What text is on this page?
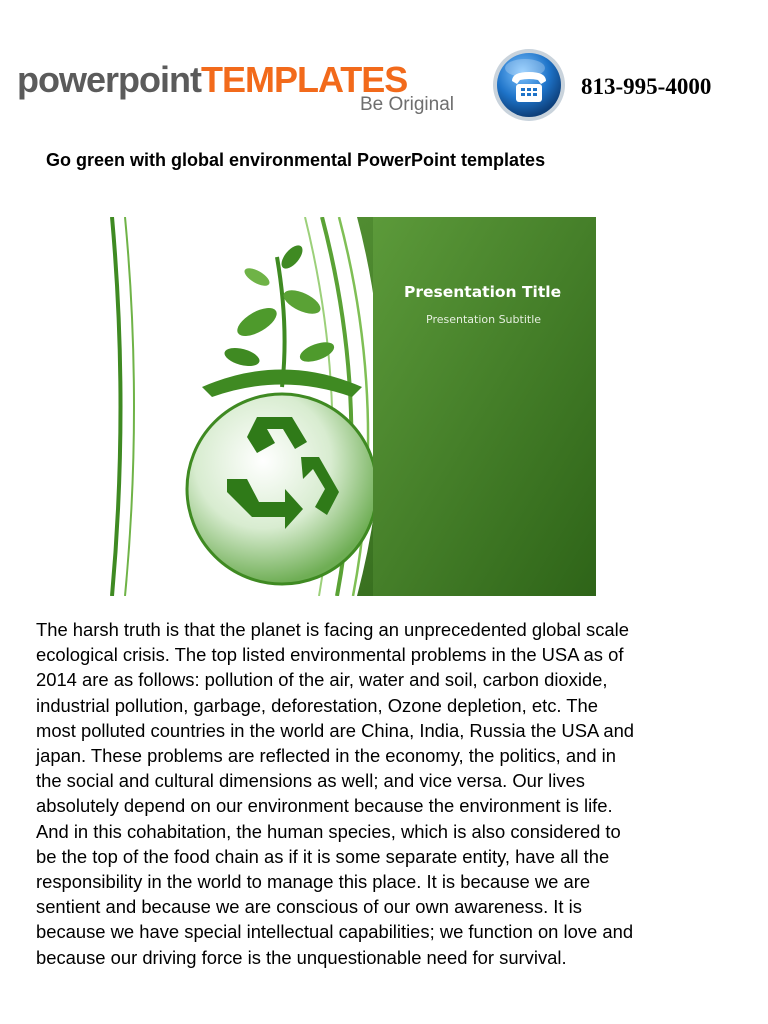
powerpointTEMPLATES
Be Original
813-995-4000
Go green with global environmental PowerPoint templates
Presentation Title
Presentation Subtitle
The harsh truth is that the planet is facing an unprecedented global scale
ecological crisis. The top listed environmental problems in the USA as of
2014 are as follows: pollution of the air, water and soil, carbon dioxide,
industrial pollution, garbage, deforestation, Ozone depletion, etc. The
most polluted countries in the world are China, India, Russia the USA and
japan. These problems are reflected in the economy, the politics, and in
the social and cultural dimensions as well; and vice versa. Our lives
absolutely depend on our environment because the environment is life.
And in this cohabitation, the human species, which is also considered to
be the top of the food chain as if it is some separate entity, have all the
responsibility in the world to manage this place. It is because we are
sentient and because we are conscious of our own awareness. It is
because we have special intellectual capabilities; we function on love and
because our driving force is the unquestionable need for survival.
